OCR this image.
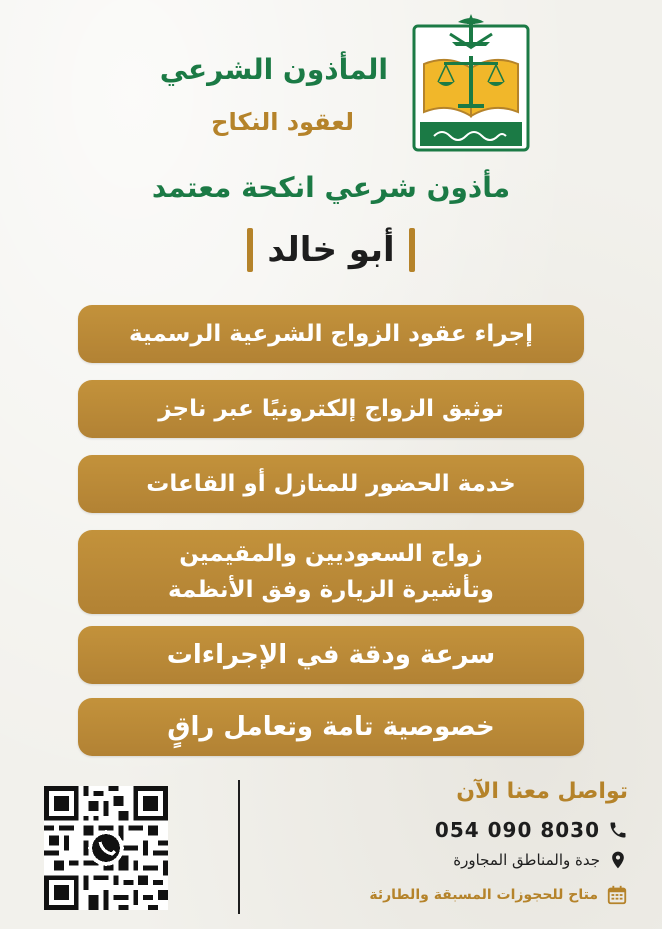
المأذون الشرعي
لعقود النكاح
مأذون شرعي انكحة معتمد
أبو خالد
إجراء عقود الزواج الشرعية الرسمية
توثيق الزواج إلكترونيًا عبر ناجز
خدمة الحضور للمنازل أو القاعات
زواج السعوديين والمقيمين
وتأشيرة الزيارة وفق الأنظمة
سرعة ودقة في الإجراءات
خصوصية تامة وتعامل راقٍ
تواصل معنا الآن
054 090 8030
جدة والمناطق المجاورة
متاح للحجوزات المسبقة والطارئة
